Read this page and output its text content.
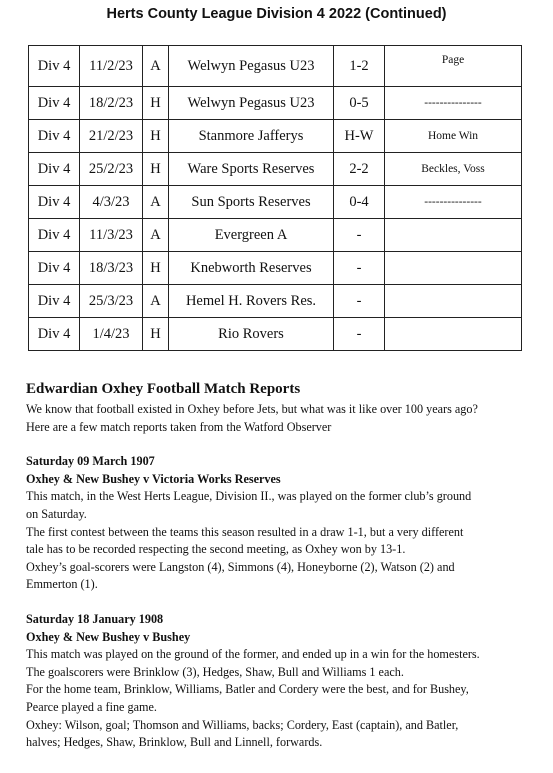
Herts County League Division 4 2022 (Continued)
Div 4	11/2/23	A	Welwyn Pegasus U23	1-2	Page
Div 4	18/2/23	H	Welwyn Pegasus U23	0-5	---------------
Div 4	21/2/23	H	Stanmore Jafferys	H-W	Home Win
Div 4	25/2/23	H	Ware Sports Reserves	2-2	Beckles, Voss
Div 4	4/3/23	A	Sun Sports Reserves	0-4	---------------
Div 4	11/3/23	A	Evergreen A	-	
Div 4	18/3/23	H	Knebworth Reserves	-	
Div 4	25/3/23	A	Hemel H. Rovers Res.	-	
Div 4	1/4/23	H	Rio Rovers	-	
Edwardian Oxhey Football Match Reports

We know that football existed in Oxhey before Jets, but what was it like over 100 years ago?

Here are a few match reports taken from the Watford Observer

Saturday 09 March 1907

Oxhey & New Bushey v Victoria Works Reserves

This match, in the West Herts League, Division II., was played on the former club’s ground

on Saturday.

The first contest between the teams this season resulted in a draw 1-1, but a very different

tale has to be recorded respecting the second meeting, as Oxhey won by 13-1.

Oxhey’s goal-scorers were Langston (4), Simmons (4), Honeyborne (2), Watson (2) and

Emmerton (1).

Saturday 18 January 1908

Oxhey & New Bushey v Bushey

This match was played on the ground of the former, and ended up in a win for the homesters.

The goalscorers were Brinklow (3), Hedges, Shaw, Bull and Williams 1 each.

For the home team, Brinklow, Williams, Batler and Cordery were the best, and for Bushey,

Pearce played a fine game.

Oxhey: Wilson, goal; Thomson and Williams, backs; Cordery, East (captain), and Batler,

halves; Hedges, Shaw, Brinklow, Bull and Linnell, forwards.
